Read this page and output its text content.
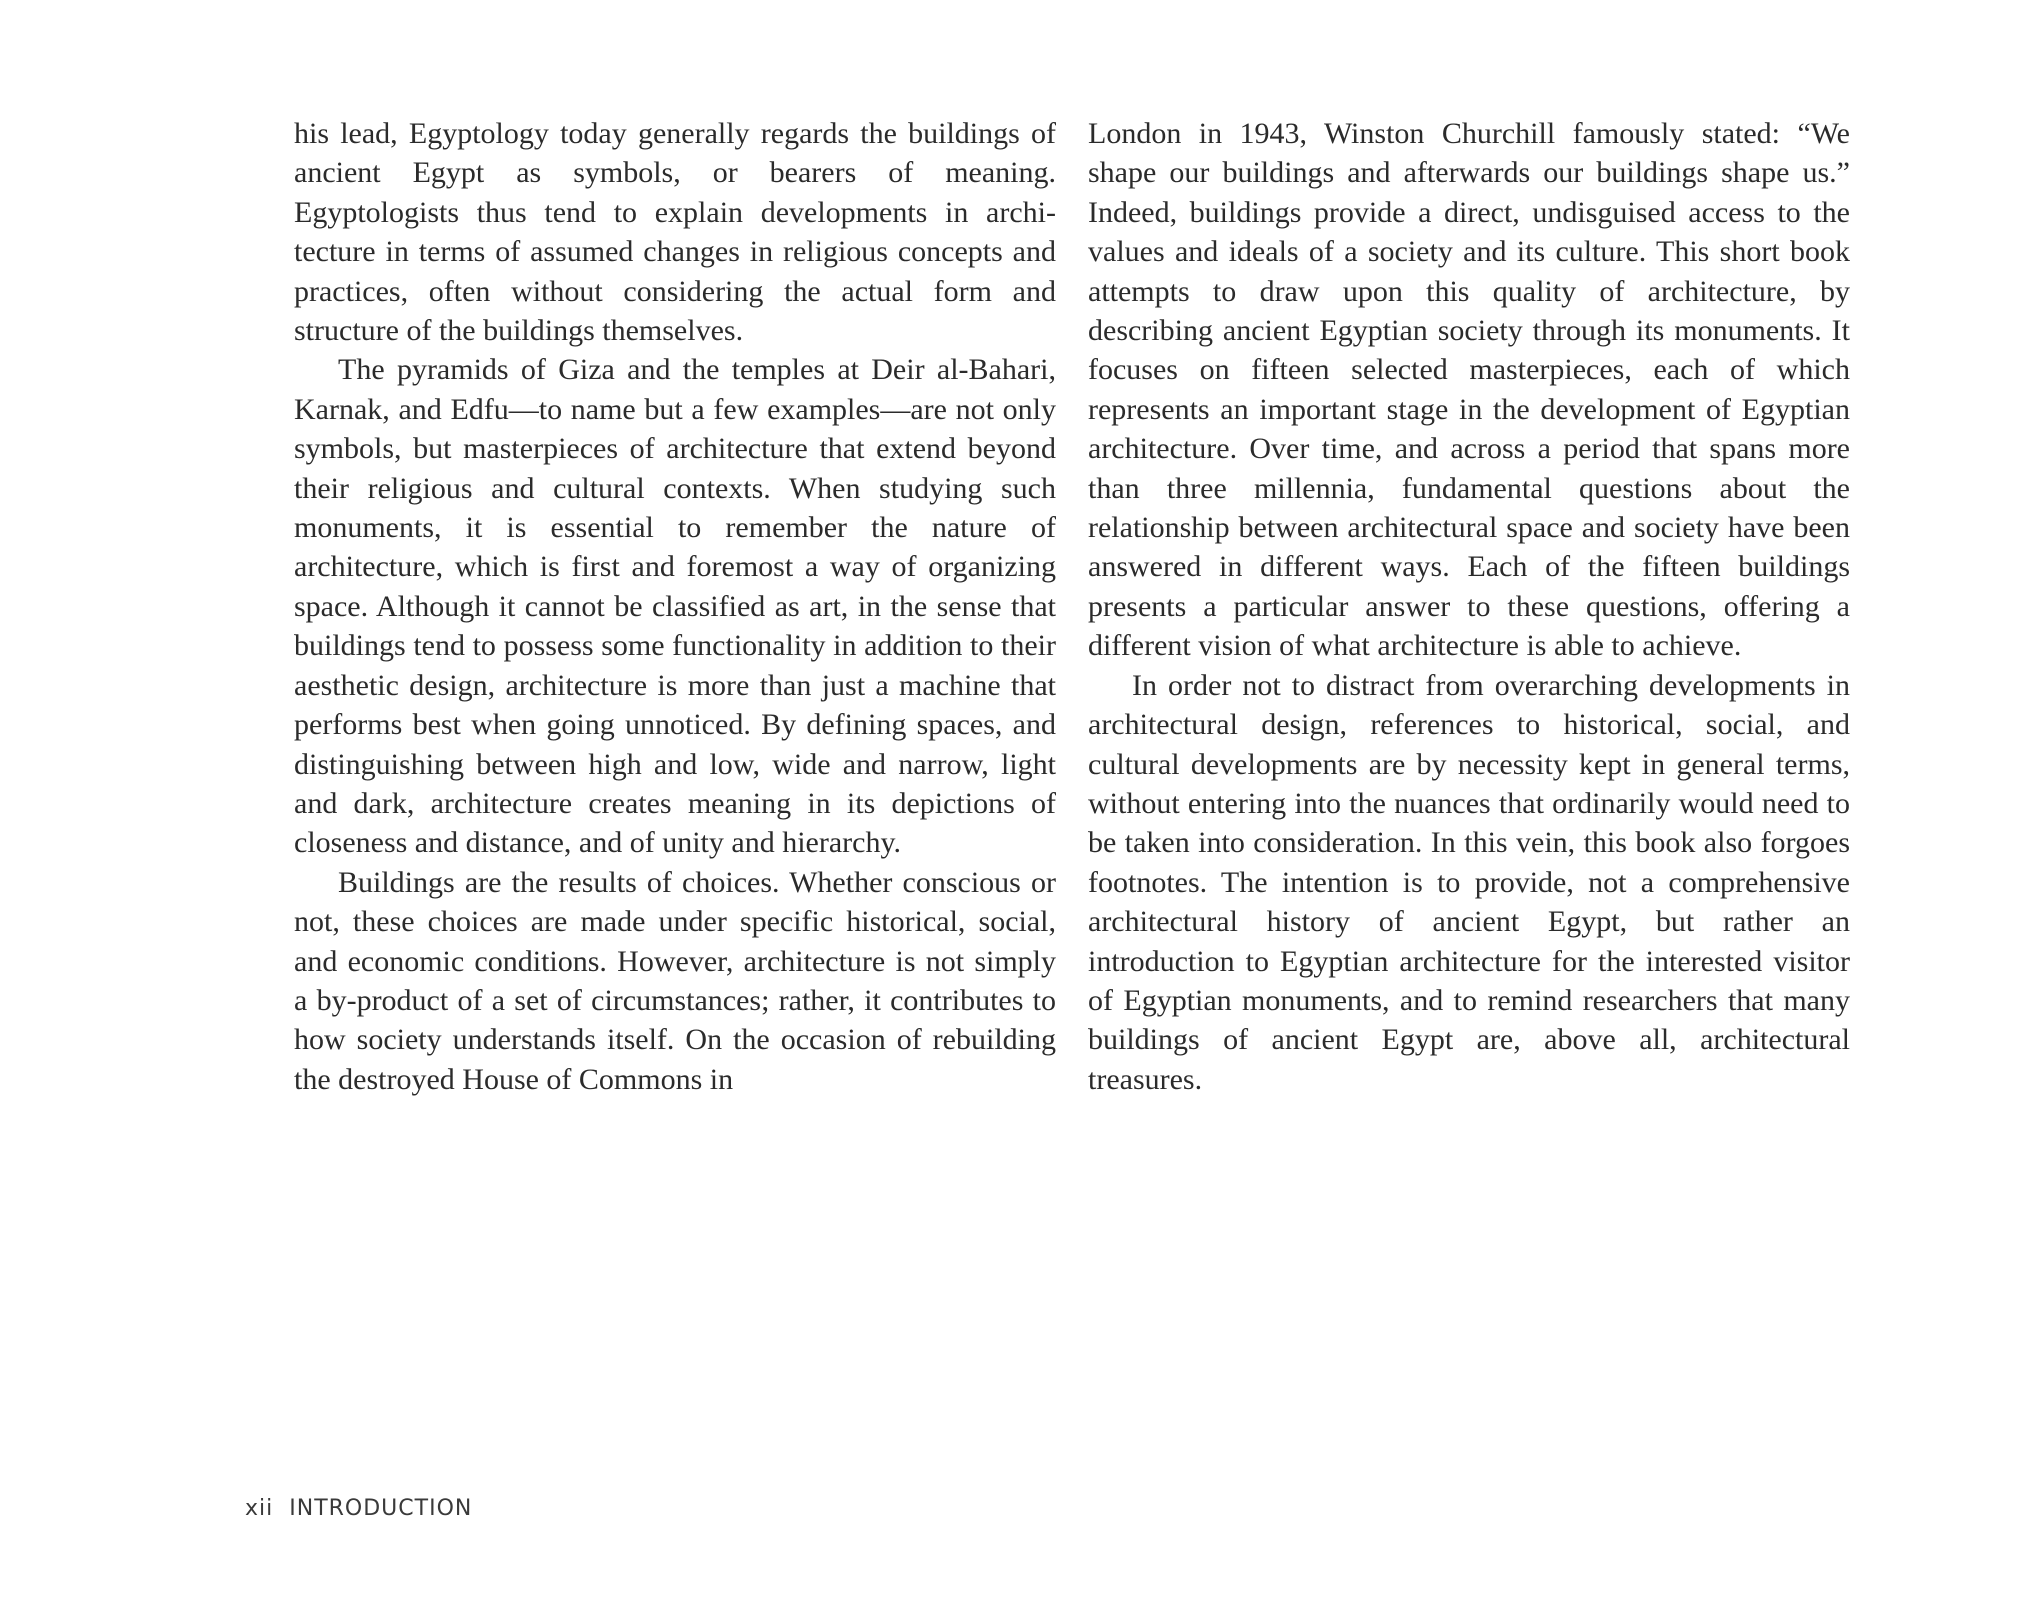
his lead, Egyptology today generally regards the buildings of ancient Egypt as symbols, or bearers of meaning. Egyptologists thus tend to explain developments in architecture in terms of assumed changes in religious concepts and practices, often without considering the actual form and structure of the buildings themselves.

The pyramids of Giza and the temples at Deir al-Bahari, Karnak, and Edfu—to name but a few examples—are not only symbols, but masterpieces of architecture that extend beyond their religious and cultural contexts. When studying such monuments, it is essential to remember the nature of architecture, which is first and foremost a way of organizing space. Although it cannot be classified as art, in the sense that buildings tend to possess some functionality in addition to their aesthetic design, architecture is more than just a machine that performs best when going unnoticed. By defining spaces, and distinguishing between high and low, wide and narrow, light and dark, architecture creates meaning in its depictions of closeness and distance, and of unity and hierarchy.

Buildings are the results of choices. Whether conscious or not, these choices are made under specific historical, social, and economic conditions. However, architecture is not simply a by-product of a set of circumstances; rather, it contributes to how society understands itself. On the occasion of rebuilding the destroyed House of Commons in

London in 1943, Winston Churchill famously stated: “We shape our buildings and afterwards our buildings shape us.” Indeed, buildings provide a direct, undisguised access to the values and ideals of a society and its culture. This short book attempts to draw upon this quality of architecture, by describing ancient Egyptian society through its monuments. It focuses on fifteen selected masterpieces, each of which represents an important stage in the development of Egyptian architecture. Over time, and across a period that spans more than three millennia, fundamental questions about the relationship between architectural space and society have been answered in different ways. Each of the fifteen buildings presents a particular answer to these questions, offering a different vision of what architecture is able to achieve.

In order not to distract from overarching developments in architectural design, references to historical, social, and cultural developments are by necessity kept in general terms, without entering into the nuances that ordinarily would need to be taken into consideration. In this vein, this book also forgoes footnotes. The intention is to provide, not a comprehensive architectural history of ancient Egypt, but rather an introduction to Egyptian architecture for the interested visitor of Egyptian monuments, and to remind researchers that many buildings of ancient Egypt are, above all, architectural treasures.

xii INTRODUCTION
